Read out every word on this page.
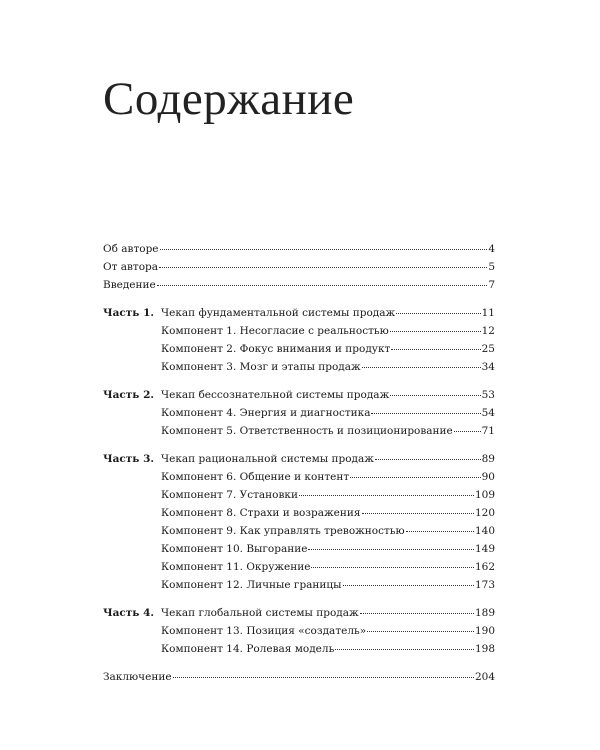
Содержание
Об авторе	4
От автора	5
Введение	7
Часть 1. Чекап фундаментальной системы продаж	11
Компонент 1. Несогласие с реальностью	12
Компонент 2. Фокус внимания и продукт	25
Компонент 3. Мозг и этапы продаж	34
Часть 2. Чекап бессознательной системы продаж	53
Компонент 4. Энергия и диагностика	54
Компонент 5. Ответственность и позиционирование	71
Часть 3. Чекап рациональной системы продаж	89
Компонент 6. Общение и контент	90
Компонент 7. Установки	109
Компонент 8. Страхи и возражения	120
Компонент 9. Как управлять тревожностью	140
Компонент 10. Выгорание	149
Компонент 11. Окружение	162
Компонент 12. Личные границы	173
Часть 4. Чекап глобальной системы продаж	189
Компонент 13. Позиция «создатель»	190
Компонент 14. Ролевая модель	198
Заключение	204
